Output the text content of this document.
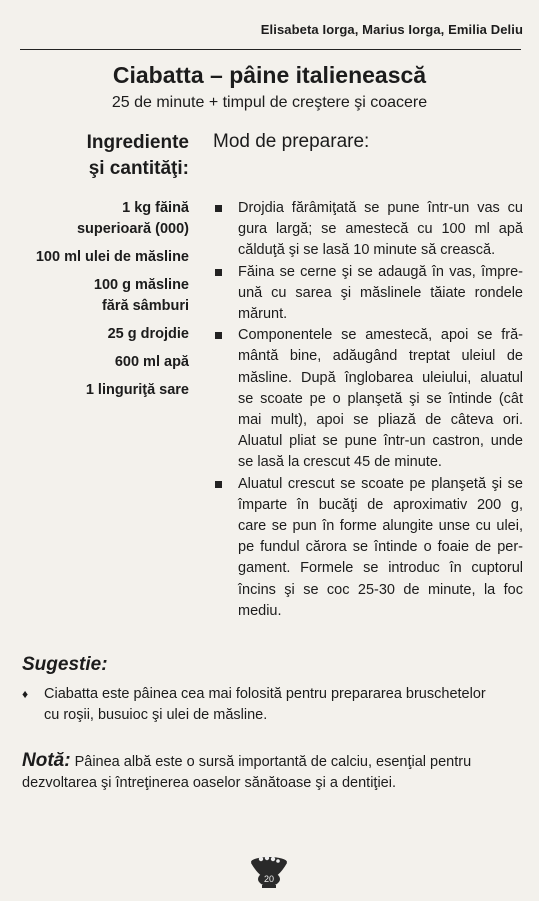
Elisabeta Iorga, Marius Iorga, Emilia Deliu
Ciabatta – pâine italienească
25 de minute + timpul de creştere şi coacere
Ingrediente
şi cantităţi:
1 kg făină
superioară (000)
100 ml ulei de măsline
100 g măsline
fără sâmburi
25 g drojdie
600 ml apă
1 linguriţă sare
Mod de preparare:
Drojdia fărâmiţată se pune într-un vas cu
gura largă; se amestecă cu 100 ml apă
călduţă şi se lasă 10 minute să crească.
Făina se cerne şi se adaugă în vas, împre-
ună cu sarea şi măslinele tăiate rondele
mărunt.
Componentele se amestecă, apoi se fră-
mântă bine, adăugând treptat uleiul de
măsline. După înglobarea uleiului, aluatul
se scoate pe o planşetă şi se întinde (cât
mai mult), apoi se pliază de câteva ori.
Aluatul pliat se pune într-un castron, unde
se lasă la crescut 45 de minute.
Aluatul crescut se scoate pe planşetă şi se
împarte în bucăţi de aproximativ 200 g,
care se pun în forme alungite unse cu ulei,
pe fundul cărora se întinde o foaie de per-
gament. Formele se introduc în cuptorul
încins şi se coc 25-30 de minute, la foc
mediu.
Sugestie:
♦ Ciabatta este pâinea cea mai folosită pentru prepararea bruschetelor
cu roşii, busuioc şi ulei de măsline.
Notă: Pâinea albă este o sursă importantă de calciu, esenţial pentru
dezvoltarea şi întreţinerea oaselor sănătoase şi a dentiţiei.
20
